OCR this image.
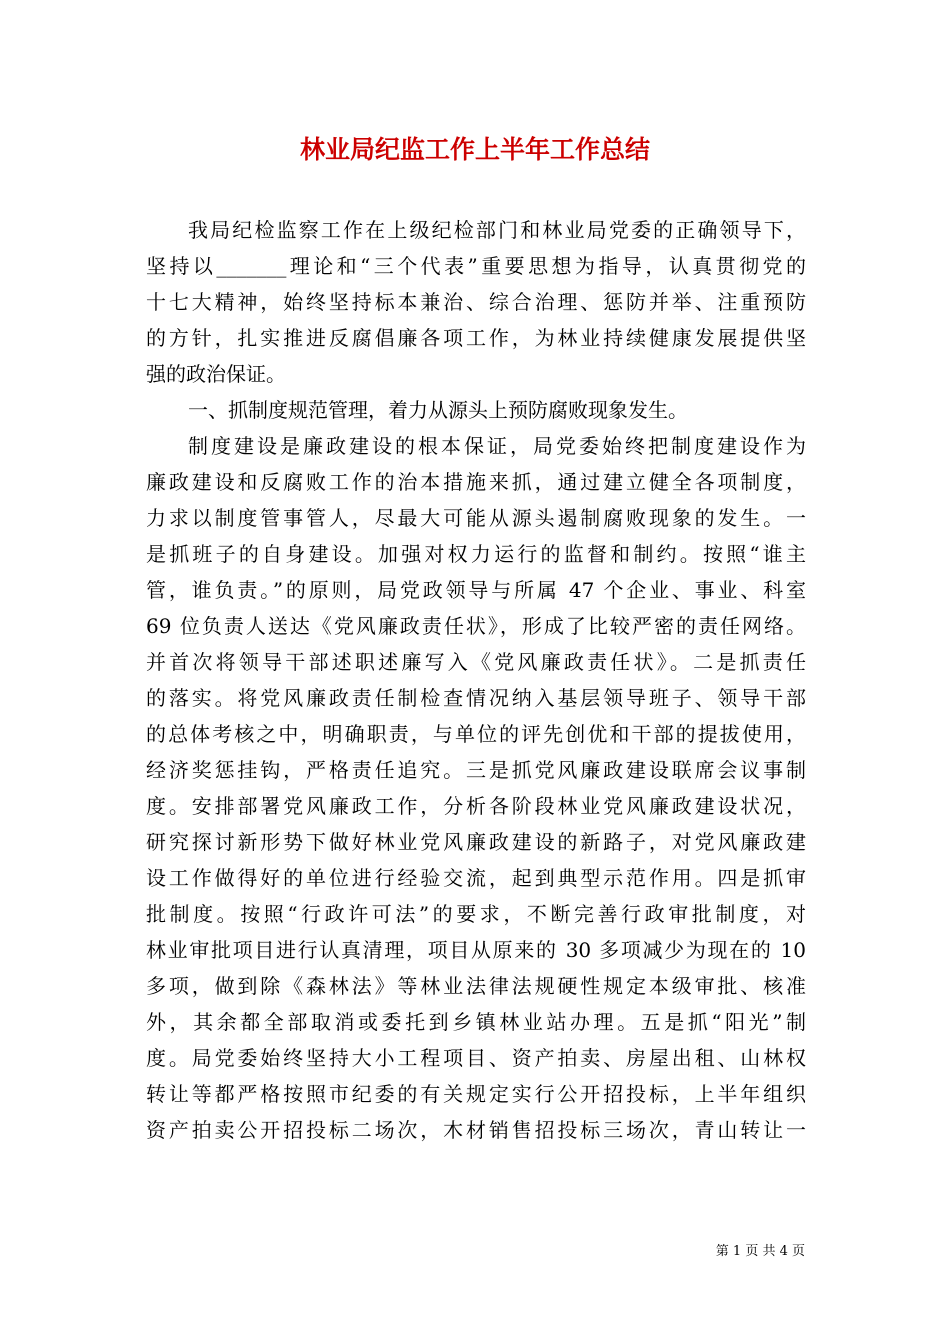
林业局纪监工作上半年工作总结

我局纪检监察工作在上级纪检部门和林业局党委的正确领导下，

坚持以_______理论和“三个代表”重要思想为指导，认真贯彻党的

十七大精神，始终坚持标本兼治、综合治理、惩防并举、注重预防

的方针，扎实推进反腐倡廉各项工作，为林业持续健康发展提供坚

强的政治保证。

一、抓制度规范管理，着力从源头上预防腐败现象发生。

制度建设是廉政建设的根本保证，局党委始终把制度建设作为

廉政建设和反腐败工作的治本措施来抓，通过建立健全各项制度，

力求以制度管事管人，尽最大可能从源头遏制腐败现象的发生。一

是抓班子的自身建设。加强对权力运行的监督和制约。按照“谁主

管，谁负责。”的原则，局党政领导与所属 47 个企业、事业、科室

69 位负责人送达《党风廉政责任状》，形成了比较严密的责任网络。

并首次将领导干部述职述廉写入《党风廉政责任状》。二是抓责任

的落实。将党风廉政责任制检查情况纳入基层领导班子、领导干部

的总体考核之中，明确职责，与单位的评先创优和干部的提拔使用，

经济奖惩挂钩，严格责任追究。三是抓党风廉政建设联席会议事制

度。安排部署党风廉政工作，分析各阶段林业党风廉政建设状况，

研究探讨新形势下做好林业党风廉政建设的新路子，对党风廉政建

设工作做得好的单位进行经验交流，起到典型示范作用。四是抓审

批制度。按照“行政许可法”的要求，不断完善行政审批制度，对

林业审批项目进行认真清理，项目从原来的 30 多项减少为现在的 10

多项，做到除《森林法》等林业法律法规硬性规定本级审批、核准

外，其余都全部取消或委托到乡镇林业站办理。五是抓“阳光”制

度。局党委始终坚持大小工程项目、资产拍卖、房屋出租、山林权

转让等都严格按照市纪委的有关规定实行公开招投标，上半年组织

资产拍卖公开招投标二场次，木材销售招投标三场次，青山转让一

第 1 页 共 4 页
